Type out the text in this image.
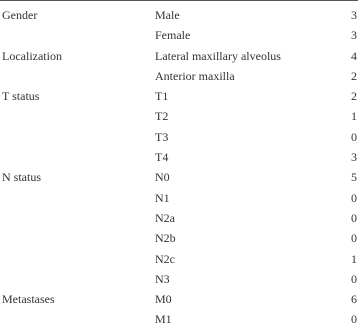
Gender	Male	3
Female	3
Localization	Lateral maxillary alveolus	4
Anterior maxilla	2
T status	T1	2
T2	1
T3	0
T4	3
N status	N0	5
N1	0
N2a	0
N2b	0
N2c	1
N3	0
Metastases	M0	6
M1	0
